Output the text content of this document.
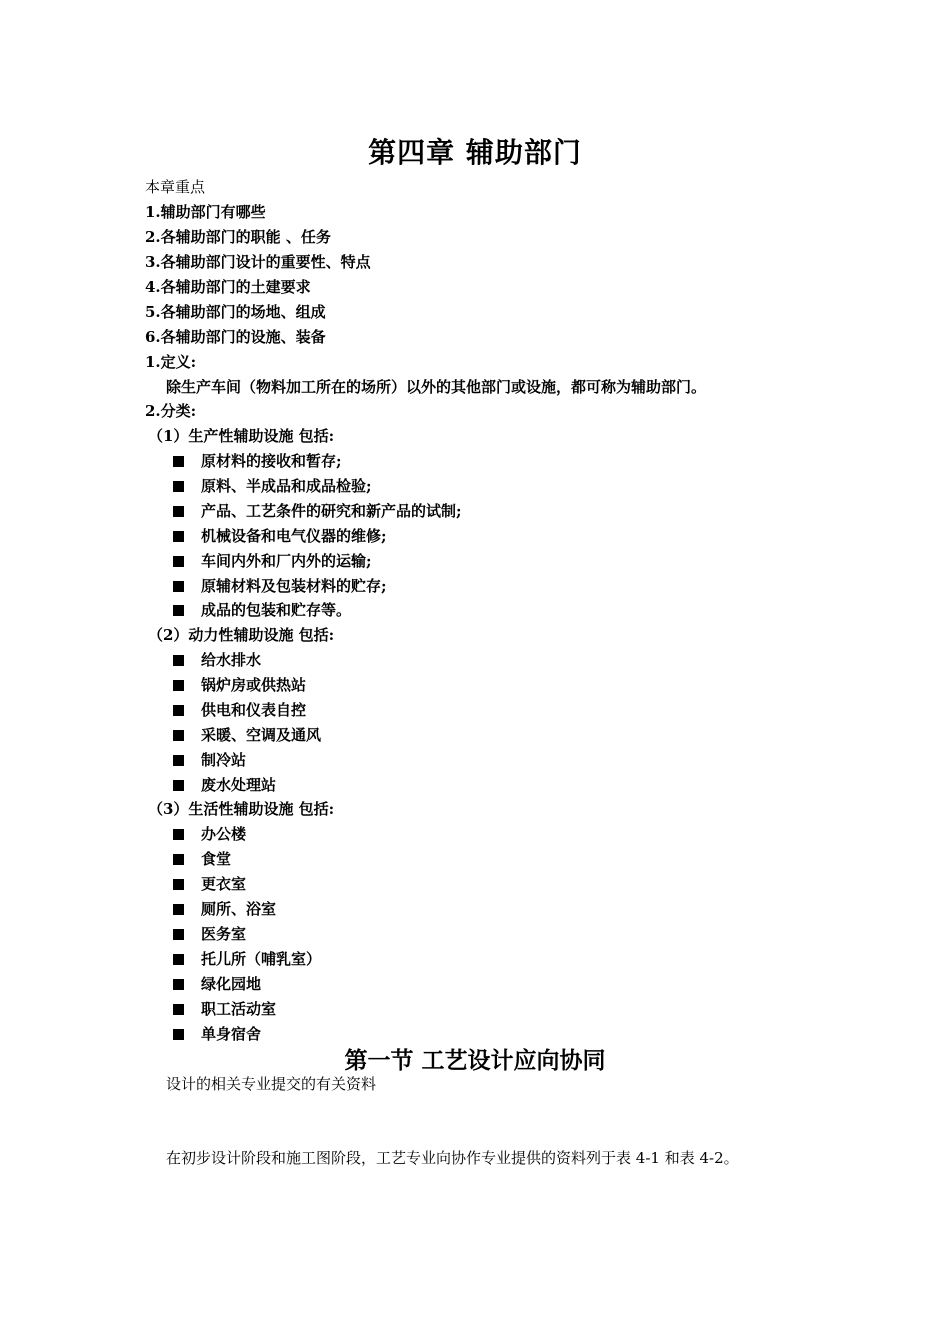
第四章 辅助部门
本章重点
1.辅助部门有哪些
2.各辅助部门的职能 、任务
3.各辅助部门设计的重要性、特点
4.各辅助部门的土建要求
5.各辅助部门的场地、组成
6.各辅助部门的设施、装备
1.定义:
除生产车间（物料加工所在的场所）以外的其他部门或设施，都可称为辅助部门。
2.分类:
（1）生产性辅助设施 包括:
原材料的接收和暂存;
原料、半成品和成品检验;
产品、工艺条件的研究和新产品的试制;
机械设备和电气仪器的维修;
车间内外和厂内外的运输;
原辅材料及包装材料的贮存;
成品的包装和贮存等。
（2）动力性辅助设施 包括:
给水排水
锅炉房或供热站
供电和仪表自控
采暖、空调及通风
制冷站
废水处理站
（3）生活性辅助设施 包括:
办公楼
食堂
更衣室
厕所、浴室
医务室
托儿所（哺乳室）
绿化园地
职工活动室
单身宿舍
第一节 工艺设计应向协同
设计的相关专业提交的有关资料
在初步设计阶段和施工图阶段，工艺专业向协作专业提供的资料列于表 4-1 和表 4-2。
